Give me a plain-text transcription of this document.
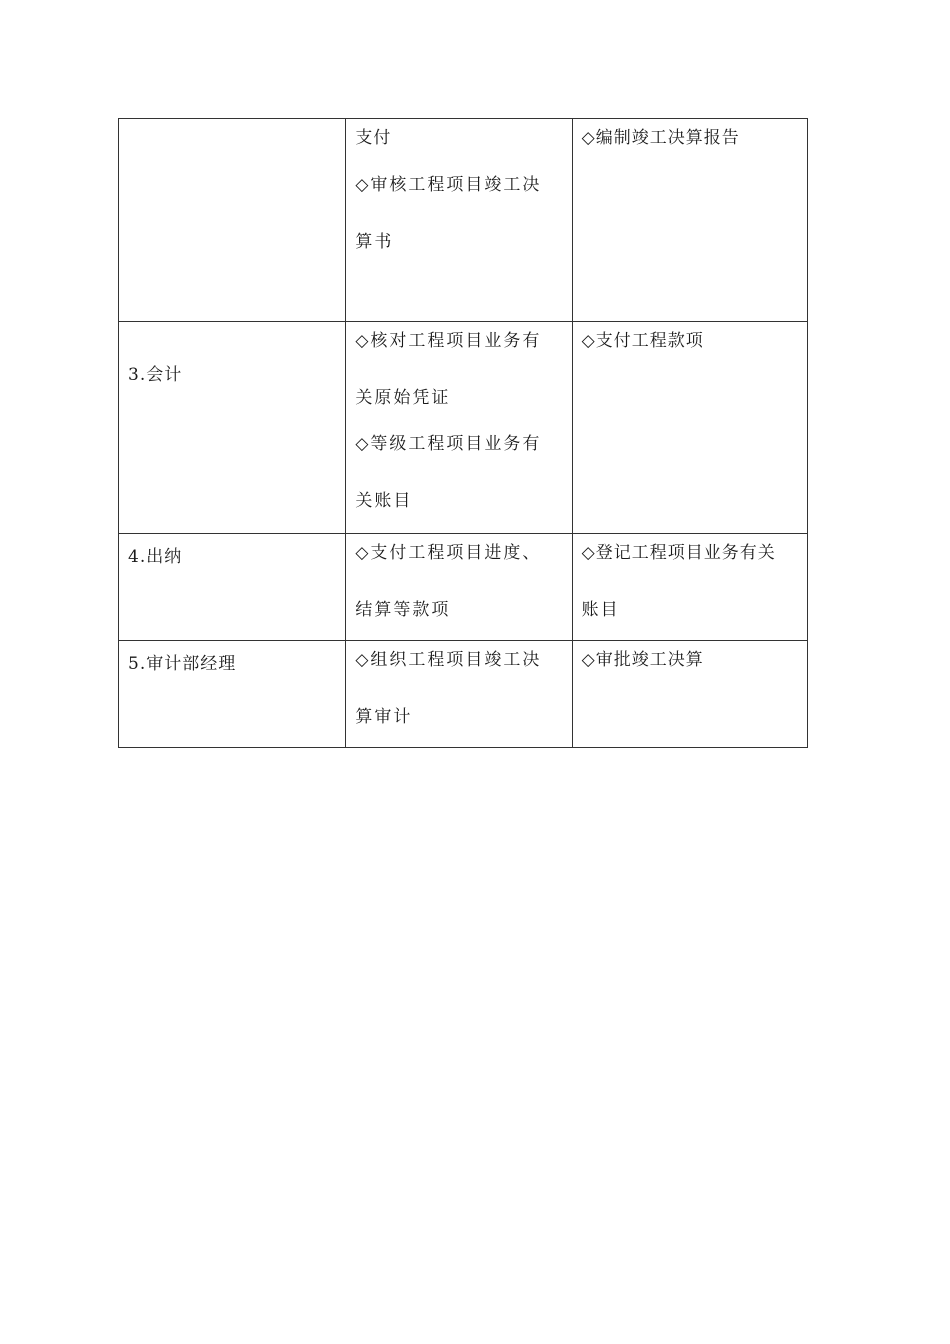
	支付
◇审核工程项目竣工决
算书	◇编制竣工决算报告

3.会计	◇核对工程项目业务有
关原始凭证
◇等级工程项目业务有
关账目	◇支付工程款项

4.出纳	◇支付工程项目进度、
结算等款项	◇登记工程项目业务有关
账目

5.审计部经理	◇组织工程项目竣工决
算审计	◇审批竣工决算
